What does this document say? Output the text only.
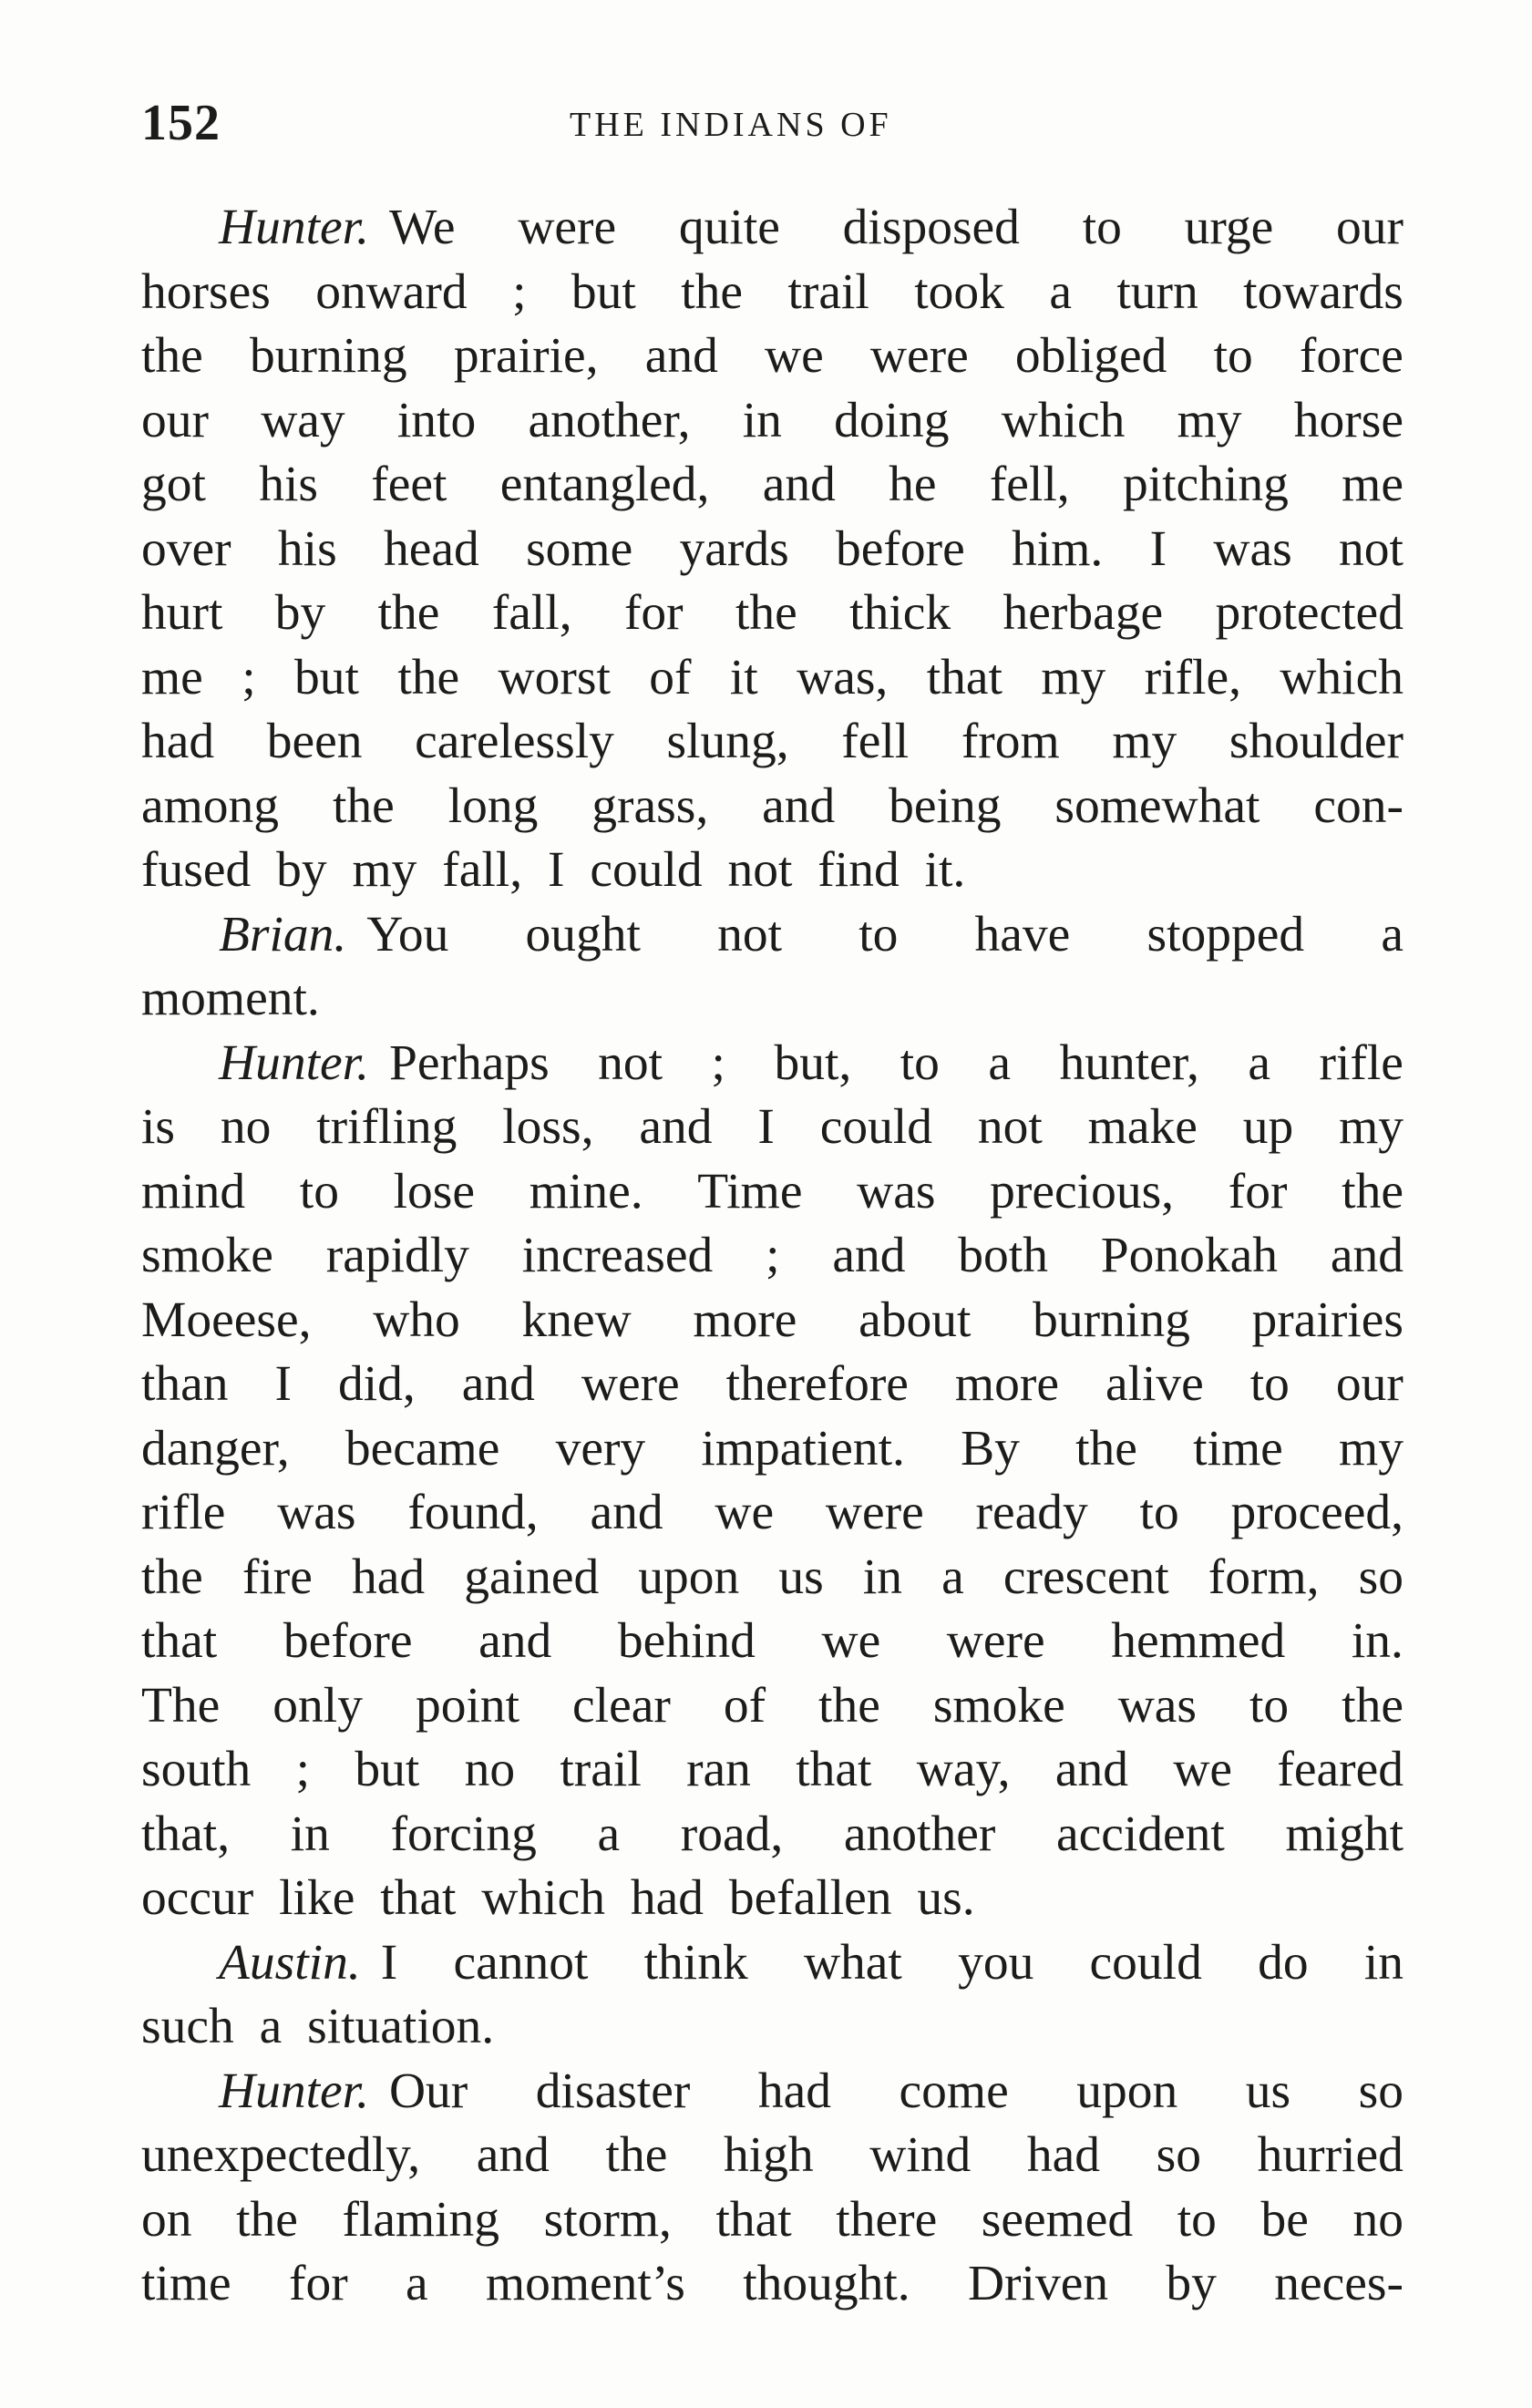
152	THE INDIANS OF
Hunter. We were quite disposed to urge our
horses onward ; but the trail took a turn towards
the burning prairie, and we were obliged to force
our way into another, in doing which my horse
got his feet entangled, and he fell, pitching me
over his head some yards before him. I was not
hurt by the fall, for the thick herbage protected
me ; but the worst of it was, that my rifle, which
had been carelessly slung, fell from my shoulder
among the long grass, and being somewhat con-
fused by my fall, I could not find it.
Brian. You ought not to have stopped a
moment.
Hunter. Perhaps not ; but, to a hunter, a rifle
is no trifling loss, and I could not make up my
mind to lose mine. Time was precious, for the
smoke rapidly increased ; and both Ponokah and
Moeese, who knew more about burning prairies
than I did, and were therefore more alive to our
danger, became very impatient. By the time my
rifle was found, and we were ready to proceed,
the fire had gained upon us in a crescent form, so
that before and behind we were hemmed in.
The only point clear of the smoke was to the
south ; but no trail ran that way, and we feared
that, in forcing a road, another accident might
occur like that which had befallen us.
Austin. I cannot think what you could do in
such a situation.
Hunter. Our disaster had come upon us so
unexpectedly, and the high wind had so hurried
on the flaming storm, that there seemed to be no
time for a moment’s thought. Driven by neces-
